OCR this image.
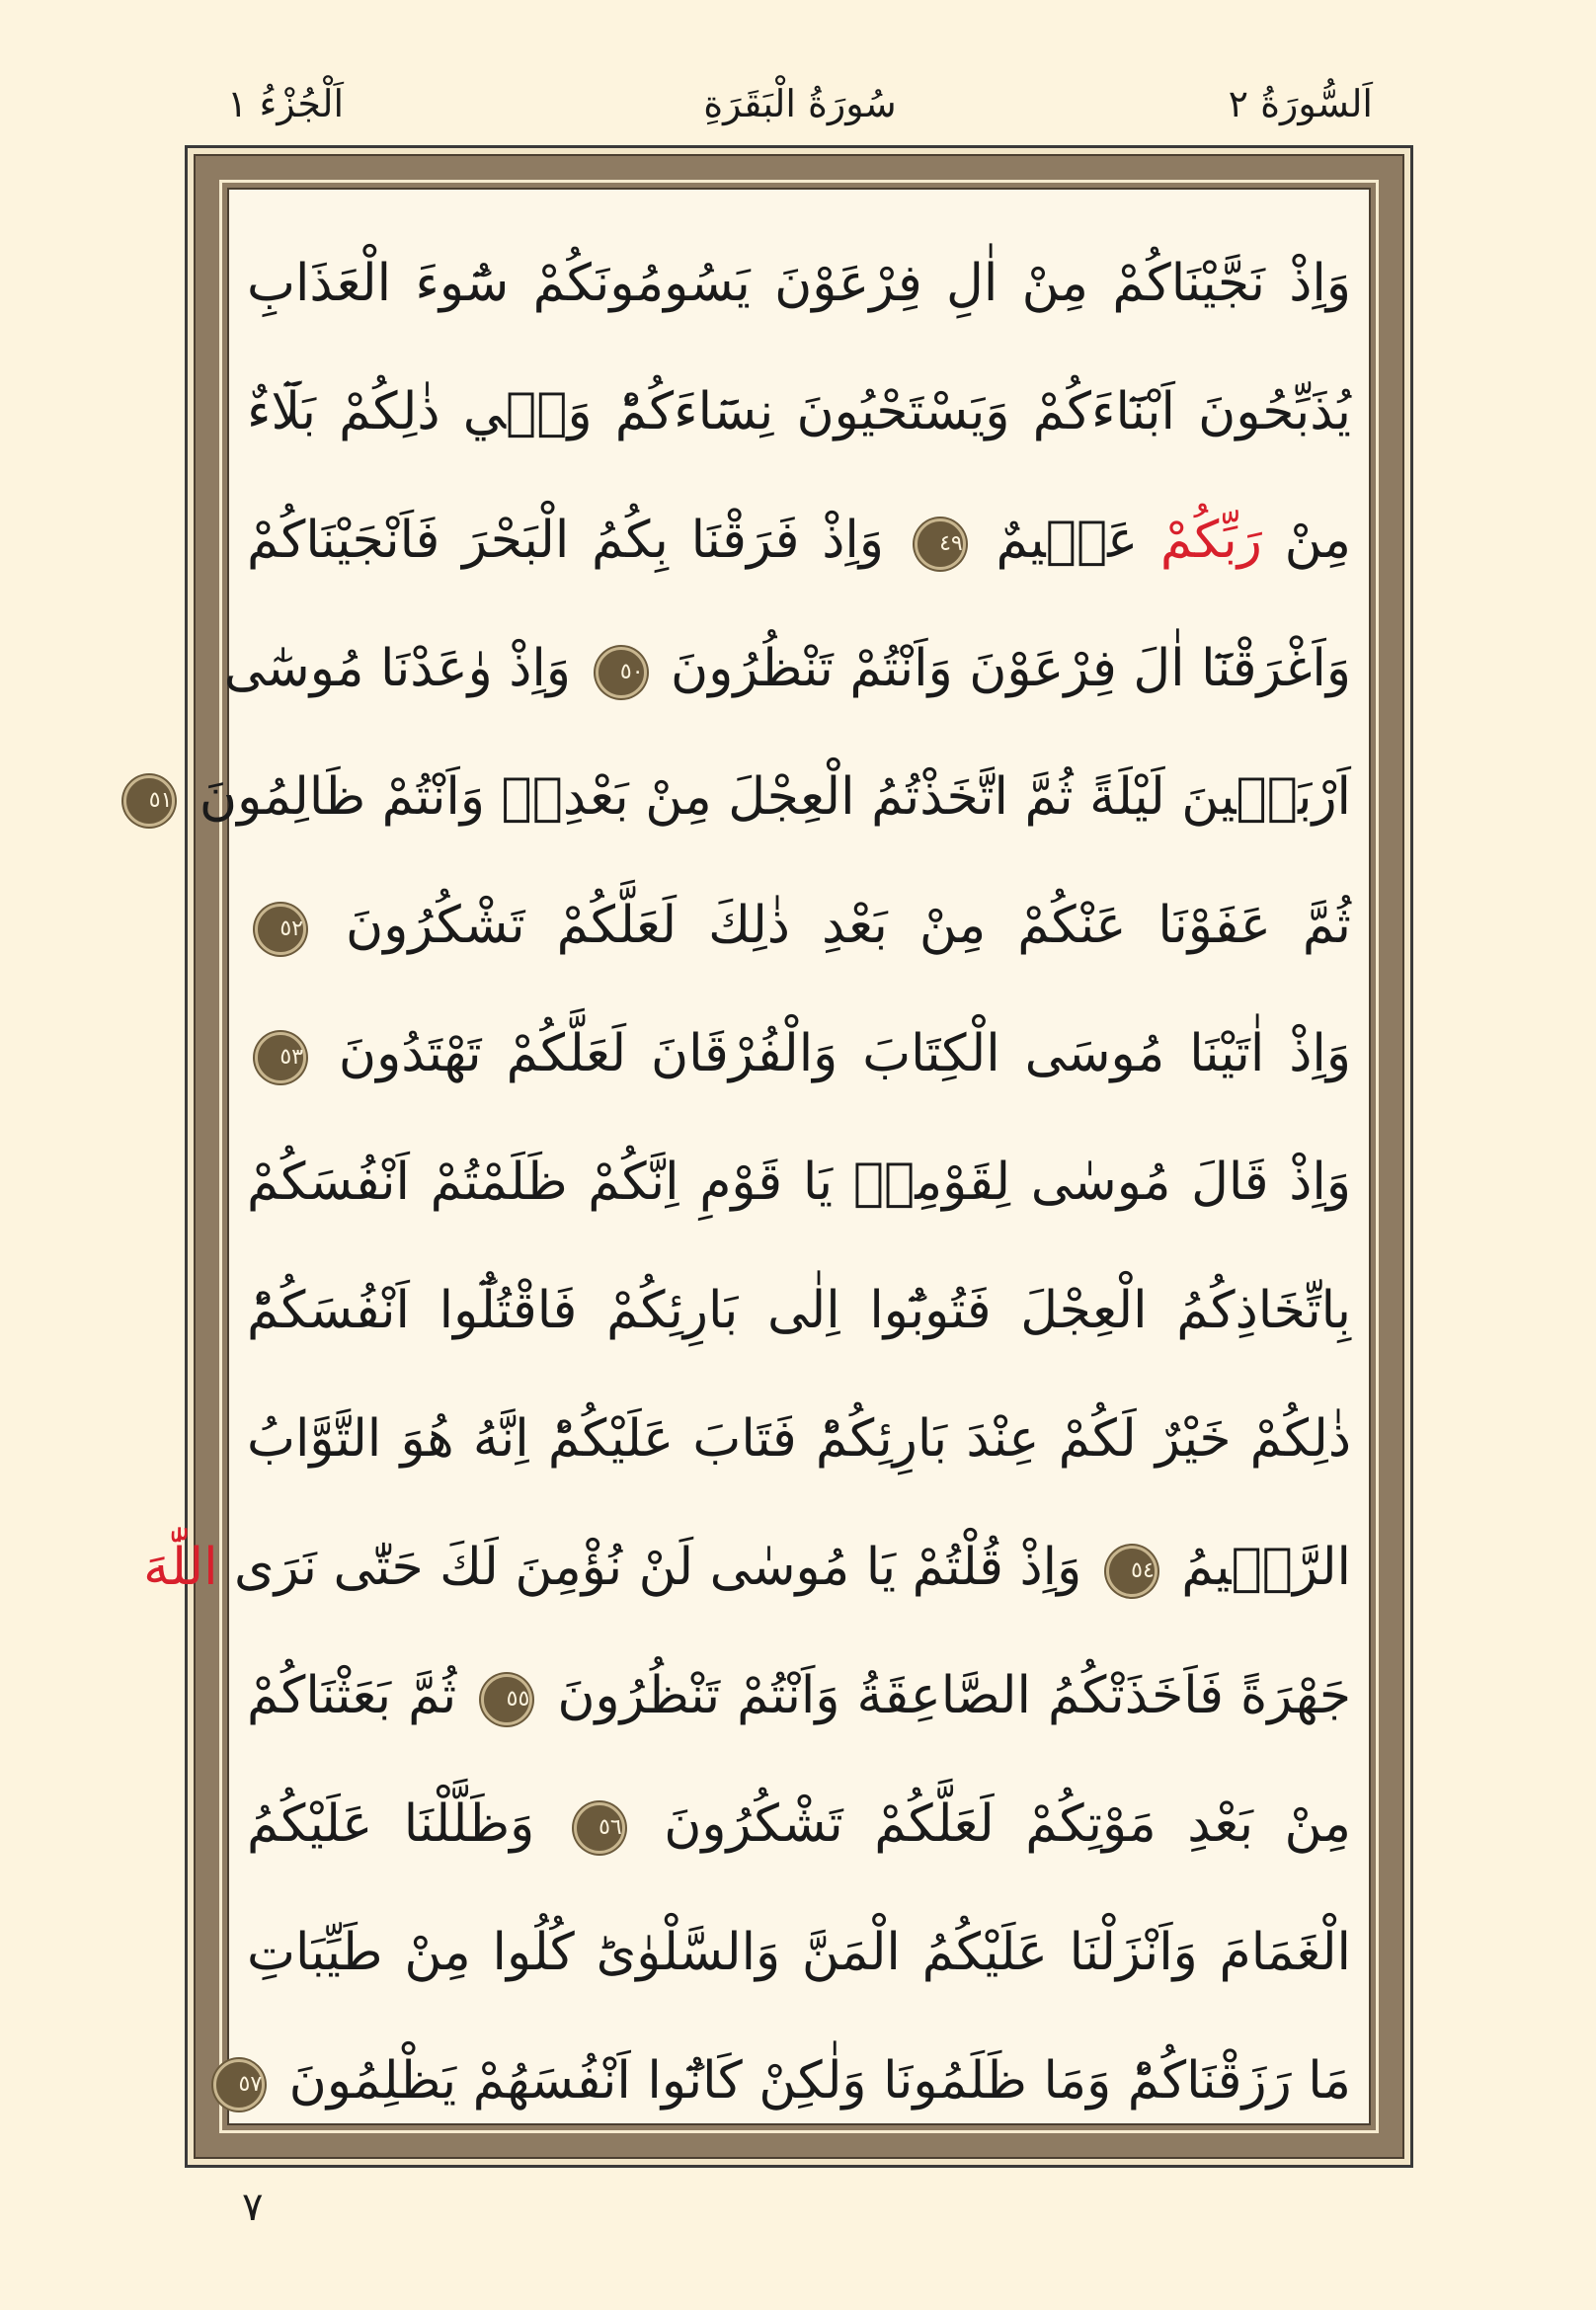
اَلسُّورَةُ ٢
سُورَةُ الْبَقَرَةِ
اَلْجُزْءُ ١
وَاِذْ نَجَّيْنَاكُمْ مِنْ اٰلِ فِرْعَوْنَ يَسُومُونَكُمْ سُٓوءَ الْعَذَابِ
يُذَبِّحُونَ اَبْنَٓاءَكُمْ وَيَسْتَحْيُونَ نِسَٓاءَكُمْؕ وَفٖي ذٰلِكُمْ بَلَٓاءٌ
مِنْ رَبِّكُمْ عَظٖيمٌ ٤٩ وَاِذْ فَرَقْنَا بِكُمُ الْبَحْرَ فَاَنْجَيْنَاكُمْ
وَاَغْرَقْنَٓا اٰلَ فِرْعَوْنَ وَاَنْتُمْ تَنْظُرُونَ ٥٠ وَاِذْ وٰعَدْنَا مُوسٰٓى
اَرْبَعٖينَ لَيْلَةً ثُمَّ اتَّخَذْتُمُ الْعِجْلَ مِنْ بَعْدِهٖ وَاَنْتُمْ ظَالِمُونَ ٥١
ثُمَّ عَفَوْنَا عَنْكُمْ مِنْ بَعْدِ ذٰلِكَ لَعَلَّكُمْ تَشْكُرُونَ ٥٢
وَاِذْ اٰتَيْنَا مُوسَى الْكِتَابَ وَالْفُرْقَانَ لَعَلَّكُمْ تَهْتَدُونَ ٥٣
وَاِذْ قَالَ مُوسٰى لِقَوْمِهٖ يَا قَوْمِ اِنَّكُمْ ظَلَمْتُمْ اَنْفُسَكُمْ
بِاتِّخَاذِكُمُ الْعِجْلَ فَتُوبُٓوا اِلٰى بَارِئِكُمْ فَاقْتُلُٓوا اَنْفُسَكُمْؕ
ذٰلِكُمْ خَيْرٌ لَكُمْ عِنْدَ بَارِئِكُمْؕ فَتَابَ عَلَيْكُمْؕ اِنَّهُ هُوَ التَّوَّابُ
الرَّحٖيمُ ٥٤ وَاِذْ قُلْتُمْ يَا مُوسٰى لَنْ نُؤْمِنَ لَكَ حَتّٰى نَرَى اللّٰهَ
جَهْرَةً فَاَخَذَتْكُمُ الصَّاعِقَةُ وَاَنْتُمْ تَنْظُرُونَ ٥٥ ثُمَّ بَعَثْنَاكُمْ
مِنْ بَعْدِ مَوْتِكُمْ لَعَلَّكُمْ تَشْكُرُونَ ٥٦ وَظَلَّلْنَا عَلَيْكُمُ
الْغَمَامَ وَاَنْزَلْنَا عَلَيْكُمُ الْمَنَّ وَالسَّلْوٰىؕ كُلُوا مِنْ طَيِّبَاتِ
مَا رَزَقْنَاكُمْؕ وَمَا ظَلَمُونَا وَلٰكِنْ كَانُٓوا اَنْفُسَهُمْ يَظْلِمُونَ ٥٧
٧
